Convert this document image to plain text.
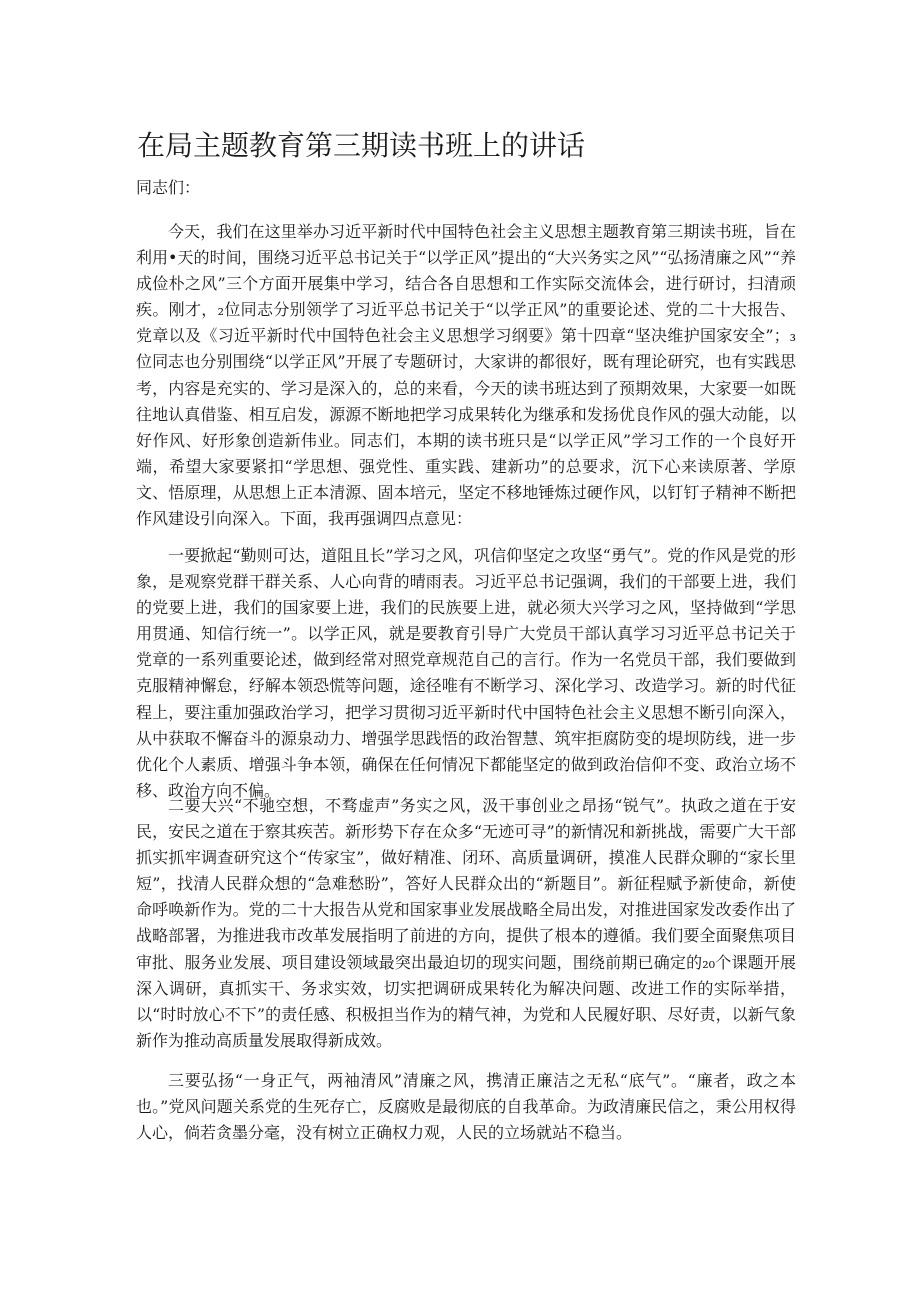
在局主题教育第三期读书班上的讲话

同志们：

今天，我们在这里举办习近平新时代中国特色社会主义思想主题教育第三期读书班，旨在利用•天的时间，围绕习近平总书记关于“以学正风”提出的“大兴务实之风”“弘扬清廉之风”“养成俭朴之风”三个方面开展集中学习，结合各自思想和工作实际交流体会，进行研讨，扫清顽疾。刚才，₂位同志分别领学了习近平总书记关于“以学正风”的重要论述、党的二十大报告、党章以及《习近平新时代中国特色社会主义思想学习纲要》第十四章“坚决维护国家安全”；₃位同志也分别围绕“以学正风”开展了专题研讨，大家讲的都很好，既有理论研究，也有实践思考，内容是充实的、学习是深入的，总的来看，今天的读书班达到了预期效果，大家要一如既往地认真借鉴、相互启发，源源不断地把学习成果转化为继承和发扬优良作风的强大动能，以好作风、好形象创造新伟业。同志们，本期的读书班只是“以学正风”学习工作的一个良好开端，希望大家要紧扣“学思想、强党性、重实践、建新功”的总要求，沉下心来读原著、学原文、悟原理，从思想上正本清源、固本培元，坚定不移地锤炼过硬作风，以钉钉子精神不断把作风建设引向深入。下面，我再强调四点意见：

一要掀起“勤则可达，道阻且长”学习之风，巩信仰坚定之攻坚“勇气”。党的作风是党的形象，是观察党群干群关系、人心向背的晴雨表。习近平总书记强调，我们的干部要上进，我们的党要上进，我们的国家要上进，我们的民族要上进，就必须大兴学习之风，坚持做到“学思用贯通、知信行统一”。以学正风，就是要教育引导广大党员干部认真学习习近平总书记关于党章的一系列重要论述，做到经常对照党章规范自己的言行。作为一名党员干部，我们要做到克服精神懈怠，纾解本领恐慌等问题，途径唯有不断学习、深化学习、改造学习。新的时代征程上，要注重加强政治学习，把学习贯彻习近平新时代中国特色社会主义思想不断引向深入，从中获取不懈奋斗的源泉动力、增强学思践悟的政治智慧、筑牢拒腐防变的堤坝防线，进一步优化个人素质、增强斗争本领，确保在任何情况下都能坚定的做到政治信仰不变、政治立场不移、政治方向不偏。

二要大兴“不驰空想，不骛虚声”务实之风，汲干事创业之昂扬“锐气”。执政之道在于安民，安民之道在于察其疾苦。新形势下存在众多“无迹可寻”的新情况和新挑战，需要广大干部抓实抓牢调查研究这个“传家宝”，做好精准、闭环、高质量调研，摸准人民群众聊的“家长里短”，找清人民群众想的“急难愁盼”，答好人民群众出的“新题目”。新征程赋予新使命，新使命呼唤新作为。党的二十大报告从党和国家事业发展战略全局出发，对推进国家发改委作出了战略部署，为推进我市改革发展指明了前进的方向，提供了根本的遵循。我们要全面聚焦项目审批、服务业发展、项目建设领域最突出最迫切的现实问题，围绕前期已确定的₂₀个课题开展深入调研，真抓实干、务求实效，切实把调研成果转化为解决问题、改进工作的实际举措，以“时时放心不下”的责任感、积极担当作为的精气神，为党和人民履好职、尽好责，以新气象新作为推动高质量发展取得新成效。

三要弘扬“一身正气，两袖清风”清廉之风，携清正廉洁之无私“底气”。“廉者，政之本也。”党风问题关系党的生死存亡，反腐败是最彻底的自我革命。为政清廉民信之，秉公用权得人心，倘若贪墨分毫，没有树立正确权力观，人民的立场就站不稳当。
